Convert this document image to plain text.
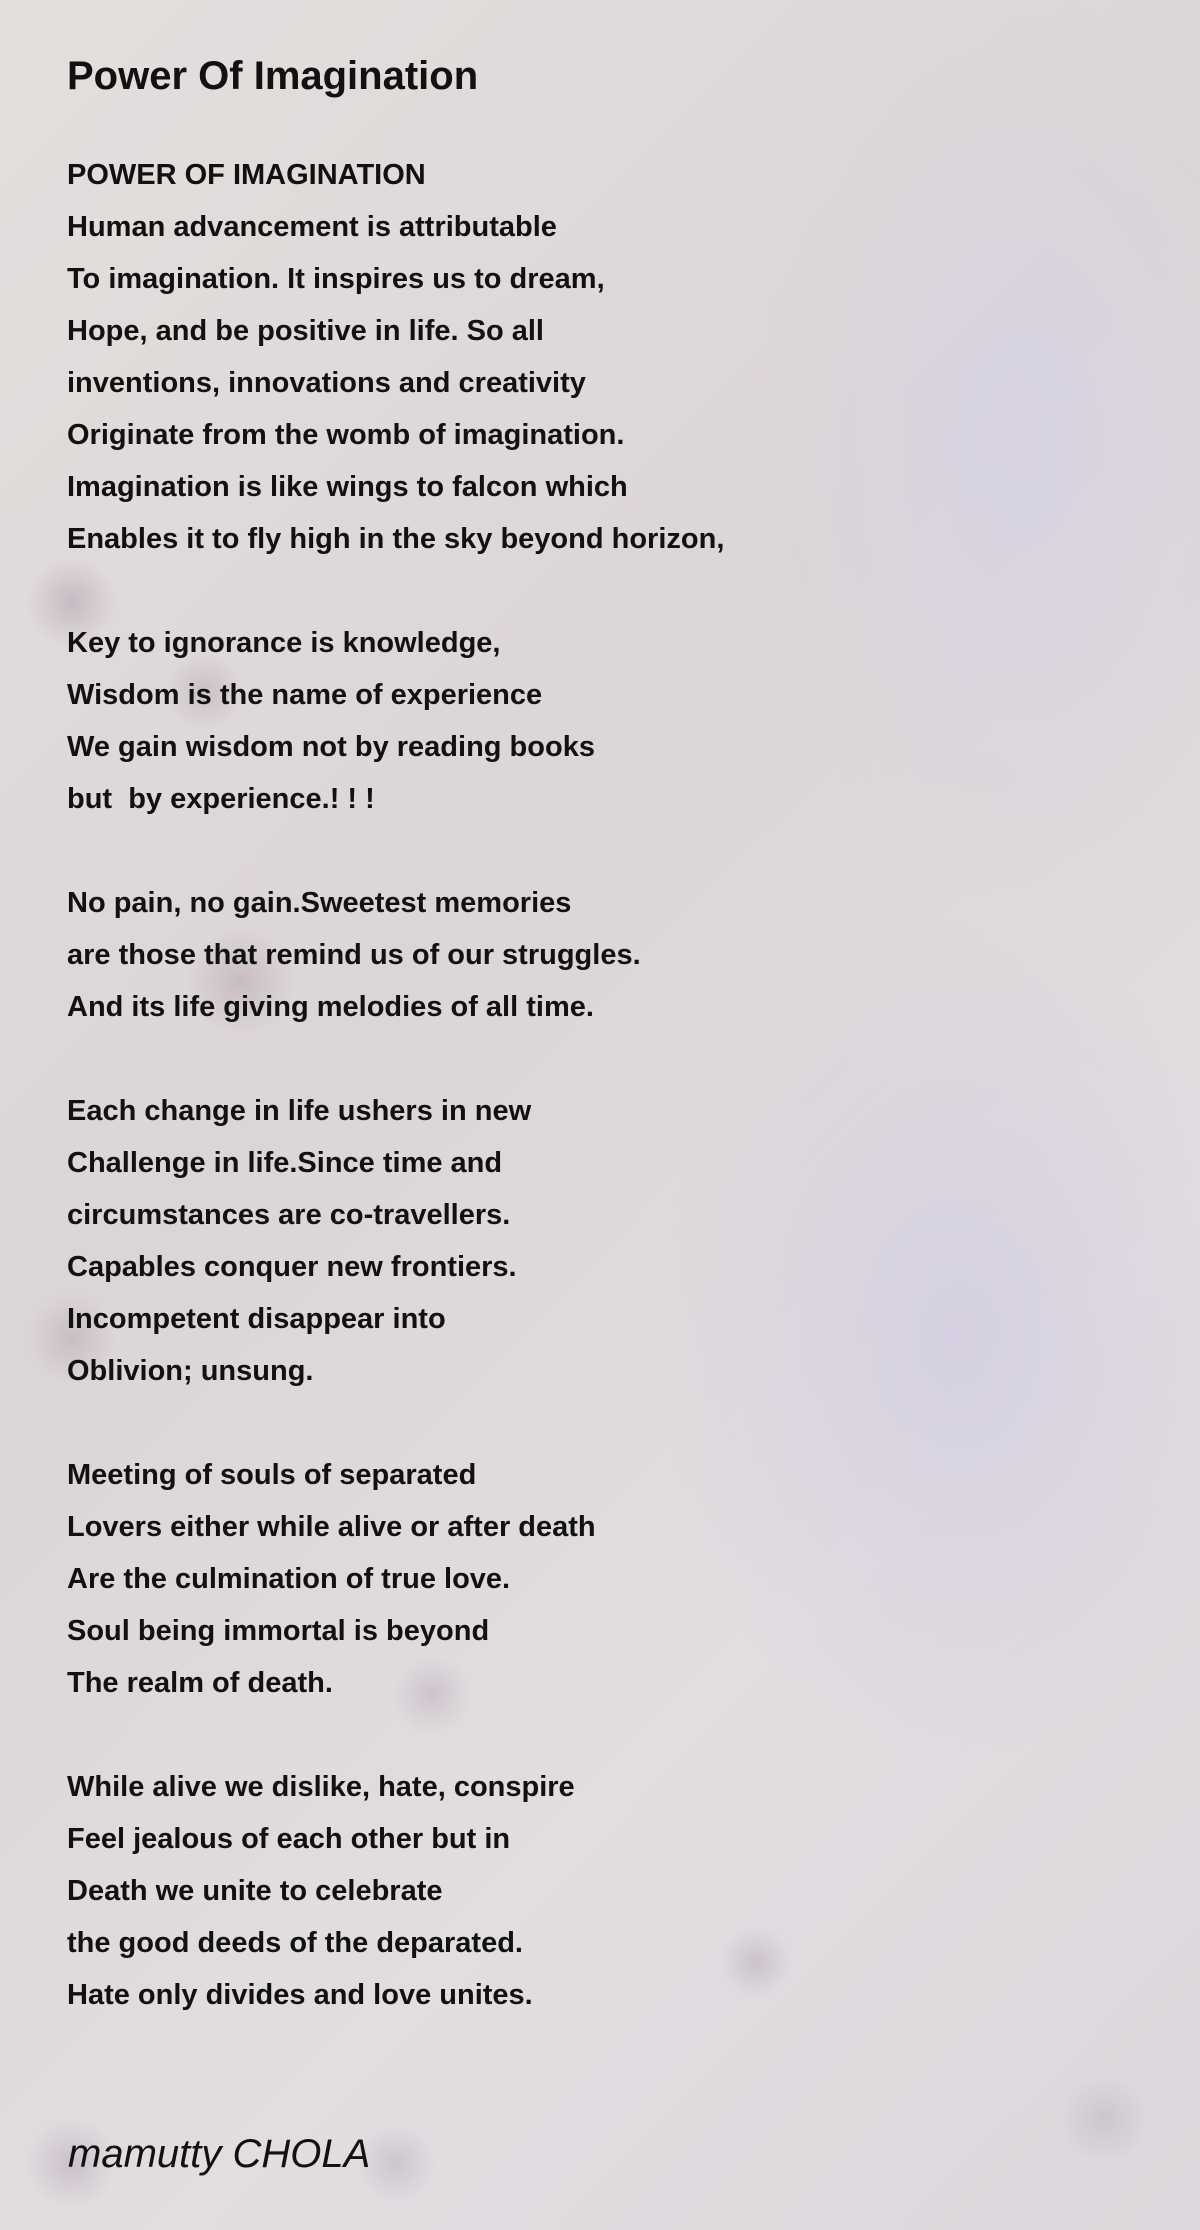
Power Of Imagination
POWER OF IMAGINATION
Human advancement is attributable
To imagination. It inspires us to dream,
Hope, and be positive in life. So all
inventions, innovations and creativity
Originate from the womb of imagination.
Imagination is like wings to falcon which
Enables it to fly high in the sky beyond horizon,
Key to ignorance is knowledge,
Wisdom is the name of experience
We gain wisdom not by reading books
but  by experience.! ! !
No pain, no gain.Sweetest memories
are those that remind us of our struggles.
And its life giving melodies of all time.
Each change in life ushers in new
Challenge in life.Since time and
circumstances are co-travellers.
Capables conquer new frontiers.
Incompetent disappear into
Oblivion; unsung.
Meeting of souls of separated
Lovers either while alive or after death
Are the culmination of true love.
Soul being immortal is beyond
The realm of death.
While alive we dislike, hate, conspire
Feel jealous of each other but in
Death we unite to celebrate
the good deeds of the deparated.
Hate only divides and love unites.
mamutty CHOLA
